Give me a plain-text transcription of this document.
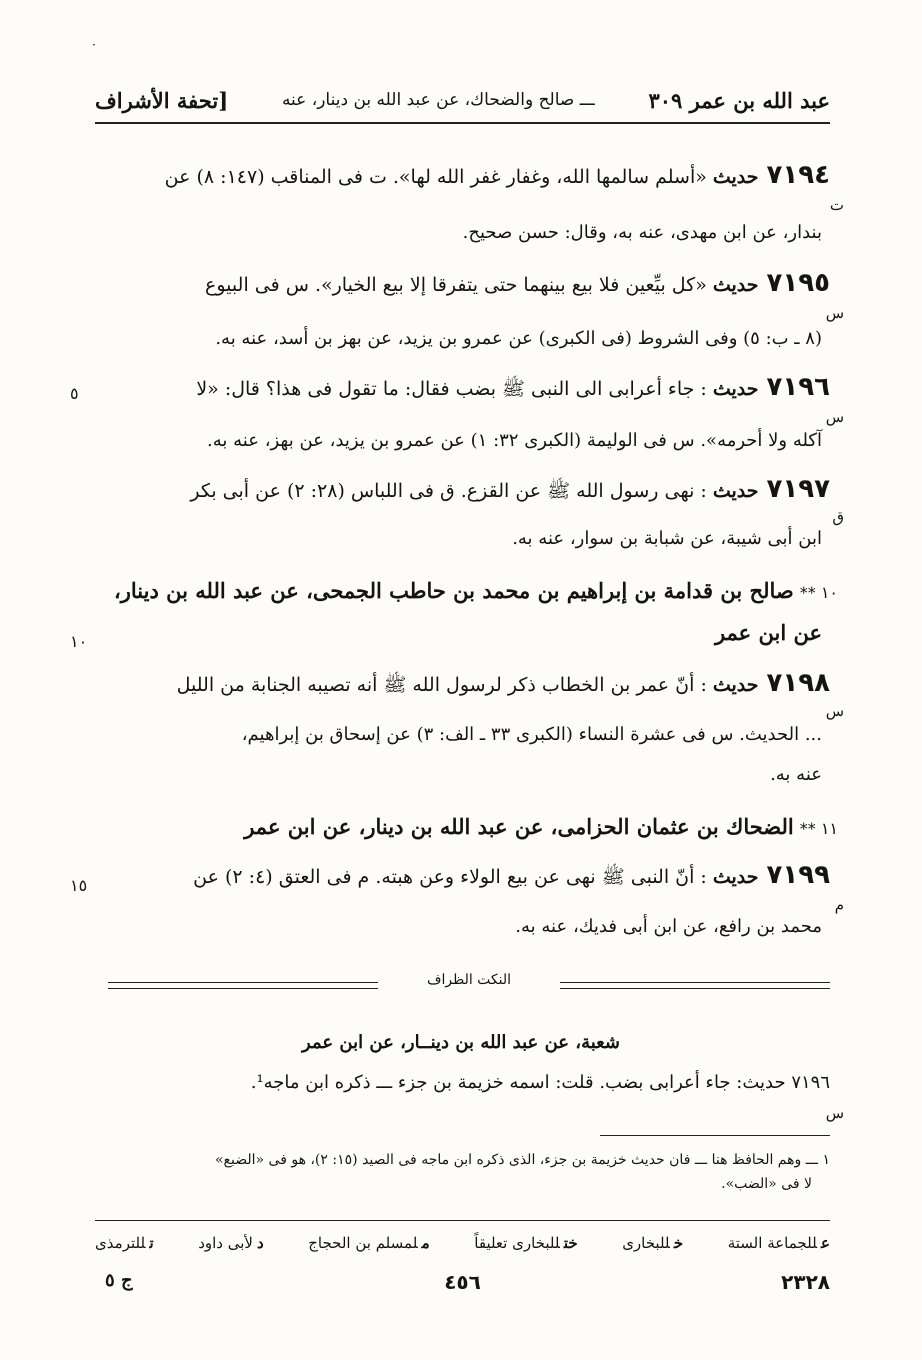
·
عبد الله بن عمر ٣٠٩
ـــ صالح والضحاك، عن عبد الله بن دينار، عنه
[تحفة الأشراف
٧١٩٤حديث«أسلم سالمها الله، وغفار غفر الله لها». ت فى المناقب (١٤٧: ٨) عن
ت
بندار، عن ابن مهدى، عنه به، وقال: حسن صحيح.
٧١٩٥حديث«كل بيِّعين فلا بيع بينهما حتى يتفرقا إلا بيع الخيار». س فى البيوع
س
(٨ ـ ب: ٥) وفى الشروط (فى الكبرى) عن عمرو بن يزيد، عن بهز بن أسد، عنه به.
٧١٩٦حديث: جاء أعرابى الى النبى ﷺ بضب فقال: ما تقول فى هذا؟ قال: «لا
٥
س
آكله ولا أحرمه». س فى الوليمة (الكبرى ٣٢: ١) عن عمرو بن يزيد، عن بهز، عنه به.
٧١٩٧حديث: نهى رسول الله ﷺ عن القزع. ق فى اللباس (٢٨: ٢) عن أبى بكر
ق
ابن أبى شيبة، عن شبابة بن سوار، عنه به.
١٠ **صالح بن قدامة بن إبراهيم بن محمد بن حاطب الجمحى، عن عبد الله بن دينار،
١٠	عن ابن عمر
٧١٩٨حديث: أنّ عمر بن الخطاب ذكر لرسول الله ﷺ أنه تصيبه الجنابة من الليل
س
... الحديث. س فى عشرة النساء (الكبرى ٣٣ ـ الف: ٣) عن إسحاق بن إبراهيم،
عنه به.
١١ **الضحاك بن عثمان الحزامى، عن عبد الله بن دينار، عن ابن عمر
٧١٩٩حديث: أنّ النبى ﷺ نهى عن بيع الولاء وعن هبته. م فى العتق (٤: ٢) عن
١٥
م
محمد بن رافع، عن ابن أبى فديك، عنه به.
النكت الظراف
شعبة، عن عبد الله بن دينــار، عن ابن عمر
٧١٩٦ حديث: جاء أعرابى بضب. قلت: اسمه خزيمة بن جزء ـــ ذكره ابن ماجه¹.
س
١ ـــ وهم الحافظ هنا ـــ فان حديث خزيمة بن جزء، الذى ذكره ابن ماجه فى الصيد (١٥: ٢)، هو فى «الضبع»
لا فى «الضب».
عللجماعة الستة
خللبخارى
ختللبخارى تعليقاً
ملمسلم بن الحجاج
دلأبى داود
تللترمذى
٢٣٢٨
٤٥٦
ج ٥
